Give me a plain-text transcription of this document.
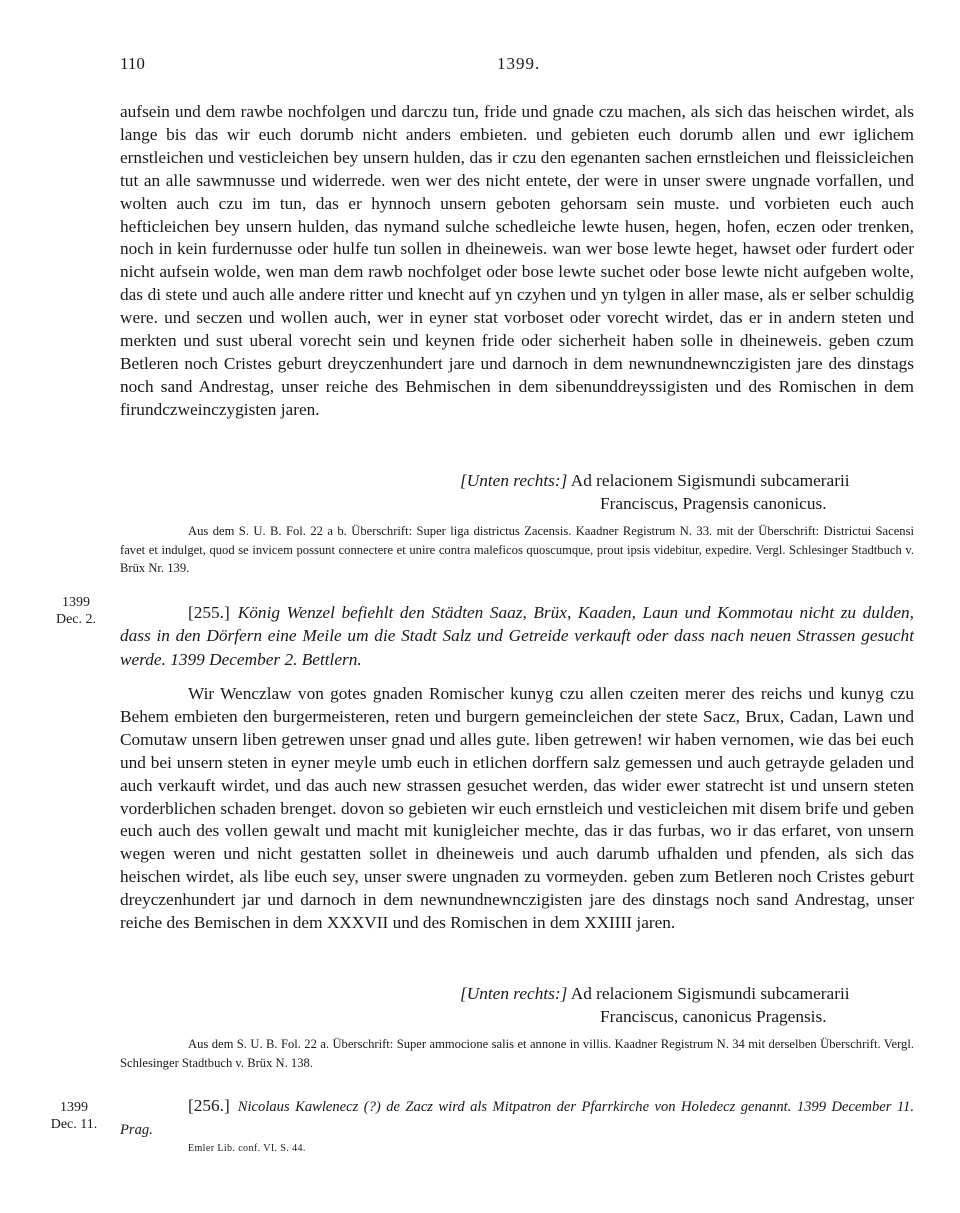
110	1399.

aufsein und dem rawbe nochfolgen und darczu tun, fride und gnade czu machen, als sich das heischen wirdet, als lange bis das wir euch dorumb nicht anders embieten. und gebieten euch dorumb allen und ewr iglichem ernstleichen und vesticleichen bey unsern hulden, das ir czu den egenanten sachen ernstleichen und fleissicleichen tut an alle sawmnusse und widerrede. wen wer des nicht entete, der were in unser swere ungnade vorfallen, und wolten auch czu im tun, das er hynnoch unsern geboten gehorsam sein muste. und vorbieten euch auch hefticleichen bey unsern hulden, das nymand sulche schedleiche lewte husen, hegen, hofen, eczen oder trenken, noch in kein furdernusse oder hulfe tun sollen in dheineweis. wan wer bose lewte heget, hawset oder furdert oder nicht aufsein wolde, wen man dem rawb nochfolget oder bose lewte suchet oder bose lewte nicht aufgeben wolte, das di stete und auch alle andere ritter und knecht auf yn czyhen und yn tylgen in aller mase, als er selber schuldig were. und seczen und wollen auch, wer in eyner stat vorboset oder vorecht wirdet, das er in andern steten und merkten und sust uberal vorecht sein und keynen fride oder sicherheit haben solle in dheineweis. geben czum Betleren noch Cristes geburt dreyczenhundert jare und darnoch in dem newnundnewnczigisten jare des dinstags noch sand Andrestag, unser reiche des Behmischen in dem sibenunddreyssigisten und des Romischen in dem firundczweinczygisten jaren.

[Unten rechts:] Ad relacionem Sigismundi subcamerarii
Franciscus, Pragensis canonicus.
Aus dem S. U. B. Fol. 22 a b. Überschrift: Super liga districtus Zacensis. Kaadner Registrum N. 33. mit der Überschrift: Districtui Sacensi favet et indulget, quod se invicem possunt connectere et unire contra maleficos quoscumque, prout ipsis videbitur, expedire. Vergl. Schlesinger Stadtbuch v. Brüx Nr. 139.
1399
Dec. 2.	[255.] König Wenzel befiehlt den Städten Saaz, Brüx, Kaaden, Laun und Kommotau nicht zu dulden, dass in den Dörfern eine Meile um die Stadt Salz und Getreide verkauft oder dass nach neuen Strassen gesucht werde. 1399 December 2. Bettlern.

Wir Wenczlaw von gotes gnaden Romischer kunyg czu allen czeiten merer des reichs und kunyg czu Behem embieten den burgermeisteren, reten und burgern gemeincleichen der stete Sacz, Brux, Cadan, Lawn und Comutaw unsern liben getrewen unser gnad und alles gute. liben getrewen! wir haben vernomen, wie das bei euch und bei unsern steten in eyner meyle umb euch in etlichen dorffern salz gemessen und auch getrayde geladen und auch verkauft wirdet, und das auch new strassen gesuchet werden, das wider ewer statrecht ist und unsern steten vorderblichen schaden brenget. dovon so gebieten wir euch ernstleich und vesticleichen mit disem brife und geben euch auch des vollen gewalt und macht mit kunigleicher mechte, das ir das furbas, wo ir das erfaret, von unsern wegen weren und nicht gestatten sollet in dheineweis und auch darumb ufhalden und pfenden, als sich das heischen wirdet, als libe euch sey, unser swere ungnaden zu vormeyden. geben zum Betleren noch Cristes geburt dreyczenhundert jar und darnoch in dem newnundnewnczigisten jare des dinstags noch sand Andrestag, unser reiche des Bemischen in dem XXXVII und des Romischen in dem XXIIII jaren.

[Unten rechts:] Ad relacionem Sigismundi subcamerarii
Franciscus, canonicus Pragensis.
Aus dem S. U. B. Fol. 22 a. Überschrift: Super ammocione salis et annone in villis. Kaadner Registrum N. 34 mit derselben Überschrift. Vergl. Schlesinger Stadtbuch v. Brüx N. 138.
1399
Dec. 11.
[256.] Nicolaus Kawlenecz (?) de Zacz wird als Mitpatron der Pfarrkirche von Holedecz genannt. 1399 December 11. Prag.
Emler Lib. conf. VI. S. 44.
